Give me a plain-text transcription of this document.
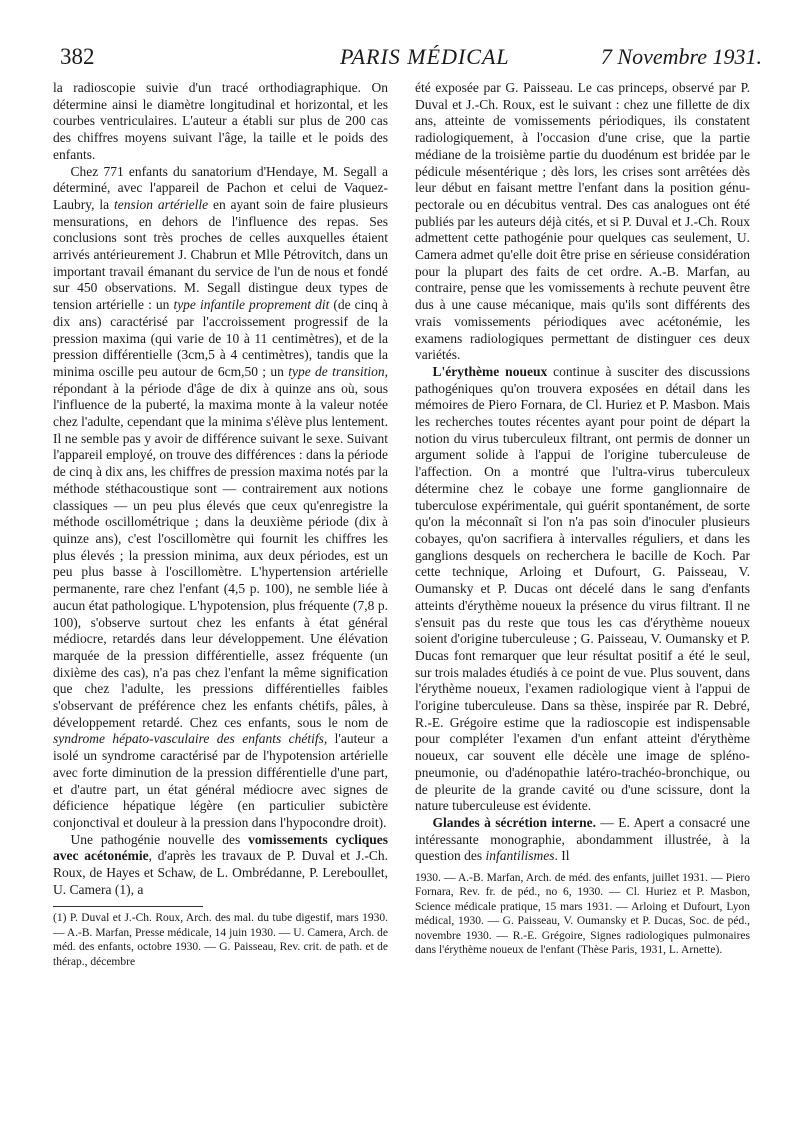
382	PARIS MÉDICAL	7 Novembre 1931.

la radioscopie suivie d'un tracé orthodiagraphique. On détermine ainsi le diamètre longitudinal et horizontal, et les courbes ventriculaires. L'auteur a établi sur plus de 200 cas des chiffres moyens suivant l'âge, la taille et le poids des enfants.

Chez 771 enfants du sanatorium d'Hendaye, M. Segall a déterminé, avec l'appareil de Pachon et celui de Vaquez-Laubry, la tension artérielle en ayant soin de faire plusieurs mensurations, en dehors de l'influence des repas. Ses conclusions sont très proches de celles auxquelles étaient arrivés antérieurement J. Chabrun et Mlle Pétrovitch, dans un important travail émanant du service de l'un de nous et fondé sur 450 observations. M. Segall distingue deux types de tension artérielle : un type infantile proprement dit (de cinq à dix ans) caractérisé par l'accroissement progressif de la pression maxima (qui varie de 10 à 11 centimètres), et de la pression différentielle (3cm,5 à 4 centimètres), tandis que la minima oscille peu autour de 6cm,50 ; un type de transition, répondant à la période d'âge de dix à quinze ans où, sous l'influence de la puberté, la maxima monte à la valeur notée chez l'adulte, cependant que la minima s'élève plus lentement. Il ne semble pas y avoir de différence suivant le sexe. Suivant l'appareil employé, on trouve des différences : dans la période de cinq à dix ans, les chiffres de pression maxima notés par la méthode stéthacoustique sont — contrairement aux notions classiques — un peu plus élevés que ceux qu'enregistre la méthode oscillométrique ; dans la deuxième période (dix à quinze ans), c'est l'oscillomètre qui fournit les chiffres les plus élevés ; la pression minima, aux deux périodes, est un peu plus basse à l'oscillomètre. L'hypertension artérielle permanente, rare chez l'enfant (4,5 p. 100), ne semble liée à aucun état pathologique. L'hypotension, plus fréquente (7,8 p. 100), s'observe surtout chez les enfants à état général médiocre, retardés dans leur développement. Une élévation marquée de la pression différentielle, assez fréquente (un dixième des cas), n'a pas chez l'enfant la même signification que chez l'adulte, les pressions différentielles faibles s'observant de préférence chez les enfants chétifs, pâles, à développement retardé. Chez ces enfants, sous le nom de syndrome hépato-vasculaire des enfants chétifs, l'auteur a isolé un syndrome caractérisé par de l'hypotension artérielle avec forte diminution de la pression différentielle d'une part, et d'autre part, un état général médiocre avec signes de déficience hépatique légère (en particulier subictère conjonctival et douleur à la pression dans l'hypocondre droit).

Une pathogénie nouvelle des vomissements cycliques avec acétonémie, d'après les travaux de P. Duval et J.-Ch. Roux, de Hayes et Schaw, de L. Ombrédanne, P. Lereboullet, U. Camera (1), a

(1) P. Duval et J.-Ch. Roux, Arch. des mal. du tube digestif, mars 1930. — A.-B. Marfan, Presse médicale, 14 juin 1930. — U. Camera, Arch. de méd. des enfants, octobre 1930. — G. Paisseau, Rev. crit. de path. et de thérap., décembre

été exposée par G. Paisseau. Le cas princeps, observé par P. Duval et J.-Ch. Roux, est le suivant : chez une fillette de dix ans, atteinte de vomissements périodiques, ils constatent radiologiquement, à l'occasion d'une crise, que la partie médiane de la troisième partie du duodénum est bridée par le pédicule mésentérique ; dès lors, les crises sont arrêtées dès leur début en faisant mettre l'enfant dans la position génu-pectorale ou en décubitus ventral. Des cas analogues ont été publiés par les auteurs déjà cités, et si P. Duval et J.-Ch. Roux admettent cette pathogénie pour quelques cas seulement, U. Camera admet qu'elle doit être prise en sérieuse considération pour la plupart des faits de cet ordre. A.-B. Marfan, au contraire, pense que les vomissements à rechute peuvent être dus à une cause mécanique, mais qu'ils sont différents des vrais vomissements périodiques avec acétonémie, les examens radiologiques permettant de distinguer ces deux variétés.

L'érythème noueux continue à susciter des discussions pathogéniques qu'on trouvera exposées en détail dans les mémoires de Piero Fornara, de Cl. Huriez et P. Masbon. Mais les recherches toutes récentes ayant pour point de départ la notion du virus tuberculeux filtrant, ont permis de donner un argument solide à l'appui de l'origine tuberculeuse de l'affection. On a montré que l'ultra-virus tuberculeux détermine chez le cobaye une forme ganglionnaire de tuberculose expérimentale, qui guérit spontanément, de sorte qu'on la méconnaît si l'on n'a pas soin d'inoculer plusieurs cobayes, qu'on sacrifiera à intervalles réguliers, et dans les ganglions desquels on recherchera le bacille de Koch. Par cette technique, Arloing et Dufourt, G. Paisseau, V. Oumansky et P. Ducas ont décelé dans le sang d'enfants atteints d'érythème noueux la présence du virus filtrant. Il ne s'ensuit pas du reste que tous les cas d'érythème noueux soient d'origine tuberculeuse ; G. Paisseau, V. Oumansky et P. Ducas font remarquer que leur résultat positif a été le seul, sur trois malades étudiés à ce point de vue. Plus souvent, dans l'érythème noueux, l'examen radiologique vient à l'appui de l'origine tuberculeuse. Dans sa thèse, inspirée par R. Debré, R.-E. Grégoire estime que la radioscopie est indispensable pour compléter l'examen d'un enfant atteint d'érythème noueux, car souvent elle décèle une image de spléno-pneumonie, ou d'adénopathie latéro-trachéo-bronchique, ou de pleurite de la grande cavité ou d'une scissure, dont la nature tuberculeuse est évidente.

Glandes à sécrétion interne. — E. Apert a consacré une intéressante monographie, abondamment illustrée, à la question des infantilismes. Il

1930. — A.-B. Marfan, Arch. de méd. des enfants, juillet 1931. — Piero Fornara, Rev. fr. de péd., no 6, 1930. — Cl. Huriez et P. Masbon, Science médicale pratique, 15 mars 1931. — Arloing et Dufourt, Lyon médical, 1930. — G. Paisseau, V. Oumansky et P. Ducas, Soc. de péd., novembre 1930. — R.-E. Grégoire, Signes radiologiques pulmonaires dans l'érythème noueux de l'enfant (Thèse Paris, 1931, L. Arnette).
